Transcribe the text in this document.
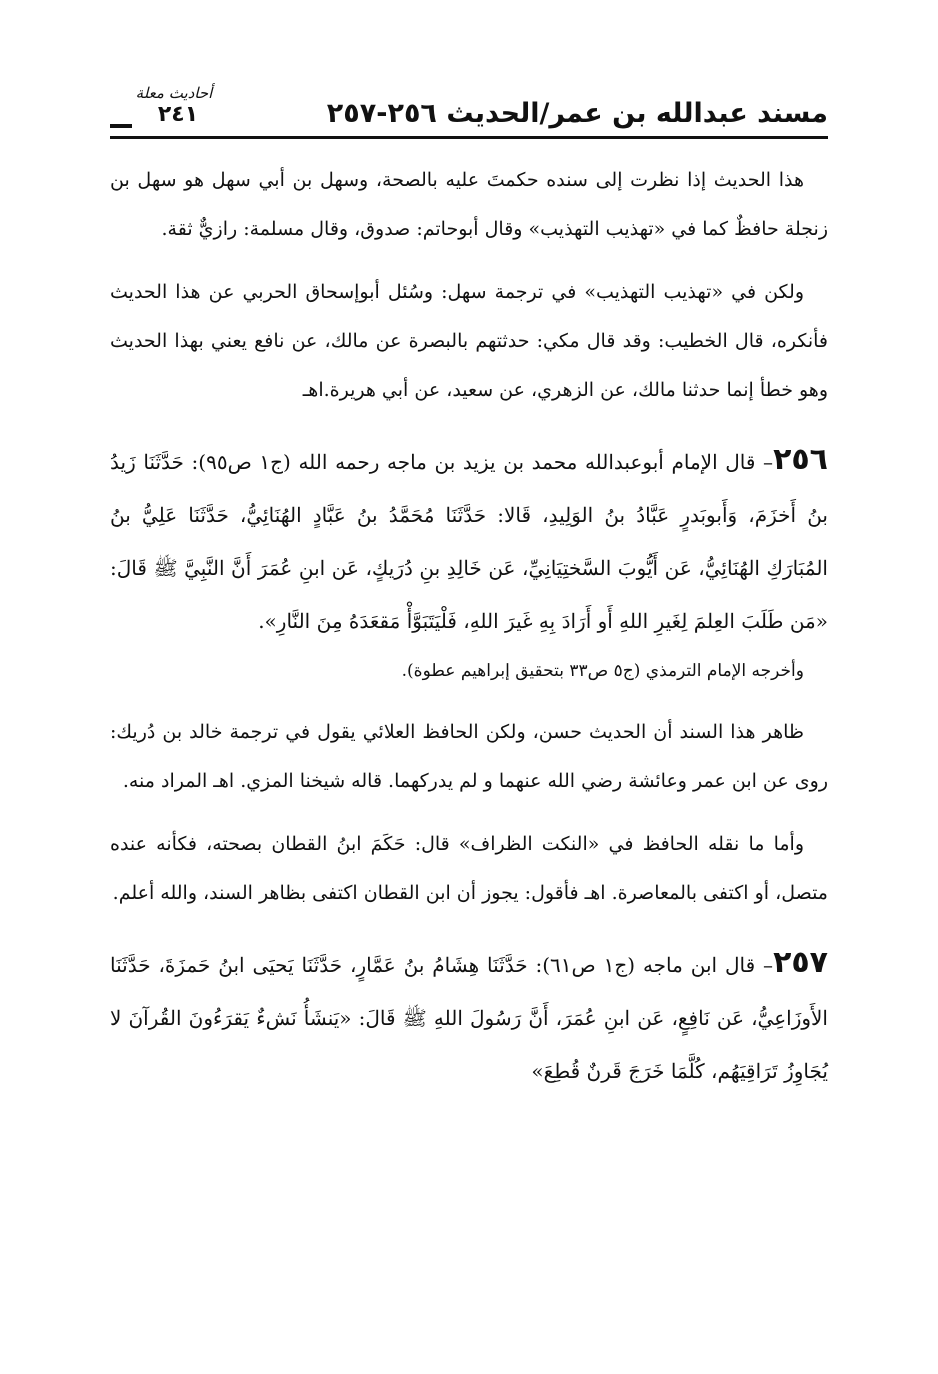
مسند عبدالله بن عمر/الحديث ٢٥٦-٢٥٧
أحاديث معلة
٢٤١

هذا الحديث إذا نظرت إلى سنده حكمتَ عليه بالصحة، وسهل بن أبي سهل هو سهل بن زنجلة حافظٌ كما في «تهذيب التهذيب» وقال أبوحاتم: صدوق، وقال مسلمة: رازيٌّ ثقة.

ولكن في «تهذيب التهذيب» في ترجمة سهل: وسُئل أبوإسحاق الحربي عن هذا الحديث فأنكره، قال الخطيب: وقد قال مكي: حدثتهم بالبصرة عن مالك، عن نافع يعني بهذا الحديث وهو خطأ إنما حدثنا مالك، عن الزهري، عن سعيد، عن أبي هريرة.اهـ

٢٥٦– قال الإمام أبوعبدالله محمد بن يزيد بن ماجه رحمه الله (ج١ ص٩٥): حَدَّثَنَا زَيدُ بنُ أَخزَمَ، وَأَبوبَدرٍ عَبَّادُ بنُ الوَلِيدِ، قَالا: حَدَّثَنَا مُحَمَّدُ بنُ عَبَّادٍ الهُنَائِيُّ، حَدَّثَنَا عَلِيُّ بنُ المُبَارَكِ الهُنَائِيُّ، عَن أَيُّوبَ السَّختِيَانِيِّ، عَن خَالِدِ بنِ دُرَيكٍ، عَن ابنِ عُمَرَ أَنَّ النَّبِيَّ ﷺ قَالَ: «مَن طَلَبَ العِلمَ لِغَيرِ اللهِ أَو أَرَادَ بِهِ غَيرَ اللهِ، فَلْيَتَبَوَّأْ مَقعَدَهُ مِنَ النَّارِ».

وأخرجه الإمام الترمذي (ج٥ ص٣٣ بتحقيق إبراهيم عطوة).

ظاهر هذا السند أن الحديث حسن، ولكن الحافظ العلائي يقول في ترجمة خالد بن دُريك: روى عن ابن عمر وعائشة رضي الله عنهما و لم يدركهما. قاله شيخنا المزي. اهـ المراد منه.

وأما ما نقله الحافظ في «النكت الظراف» قال: حَكَمَ ابنُ القطان بصحته، فكأنه عنده متصل، أو اكتفى بالمعاصرة. اهـ فأقول: يجوز أن ابن القطان اكتفى بظاهر السند، والله أعلم.

٢٥٧– قال ابن ماجه (ج١ ص٦١): حَدَّثَنَا هِشَامُ بنُ عَمَّارٍ، حَدَّثَنَا يَحيَى ابنُ حَمزَةَ، حَدَّثَنَا الأَوزَاعِيُّ، عَن نَافِعٍ، عَن ابنِ عُمَرَ، أَنَّ رَسُولَ اللهِ ﷺ قَالَ: «يَنشَأُ نَشءٌ يَقرَءُونَ القُرآنَ لا يُجَاوِزُ تَرَاقِيَهُم، كُلَّمَا خَرَجَ قَرنٌ قُطِعَ»
